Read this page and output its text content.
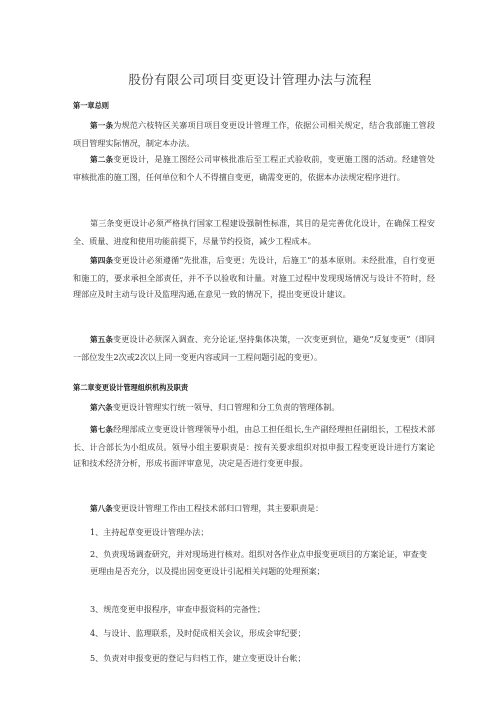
股份有限公司项目变更设计管理办法与流程
第一章总则

第一条为规范六枝特区关寨项目项目变更设计管理工作，依据公司相关规定，结合我部施工管段项目管理实际情况，制定本办法。

第二条变更设计，是施工图经公司审核批准后至工程正式验收前，变更施工图的活动。经建管处审核批准的施工图，任何单位和个人不得擅自变更，确需变更的，依据本办法规定程序进行。

第三条变更设计必须严格执行国家工程建设强制性标准，其目的是完善优化设计，在确保工程安全、质量、进度和使用功能前提下，尽量节约投资，减少工程成本。

第四条变更设计必须遵循“先批准，后变更；先设计，后施工”的基本原则。未经批准，自行变更和施工的，要求承担全部责任，并不予以验收和计量。对施工过程中发现现场情况与设计不符时，经理部应及时主动与设计及监理沟通,在意见一致的情况下，提出变更设计建议。

第五条变更设计必须深入调查、充分论证,坚持集体决策，一次变更到位，避免“反复变更”（即同一部位发生2次或2次以上同一变更内容或同一工程问题引起的变更）。

第二章变更设计管理组织机构及职责

第六条变更设计管理实行统一领导、归口管理和分工负责的管理体制。

第七条经理部成立变更设计管理领导小组，由总工担任组长,生产副经理担任副组长，工程技术部长、计合部长为小组成员。领导小组主要职责是：按有关要求组织对拟申报工程变更设计进行方案论证和技术经济分析，形成书面评审意见，决定是否进行变更申报。

第八条变更设计管理工作由工程技术部归口管理，其主要职责是：

1、主持起草变更设计管理办法；

2、负责现场调查研究，并对现场进行核对。组织对各作业点申报变更项目的方案论证，审查变更理由是否充分，以及提出因变更设计引起相关问题的处理预案；

3、规范变更申报程序，审查申报资料的完备性；

4、与设计、监理联系，及时促成相关会议，形成会审纪要；

5、负责对申报变更的登记与归档工作，建立变更设计台帐；
